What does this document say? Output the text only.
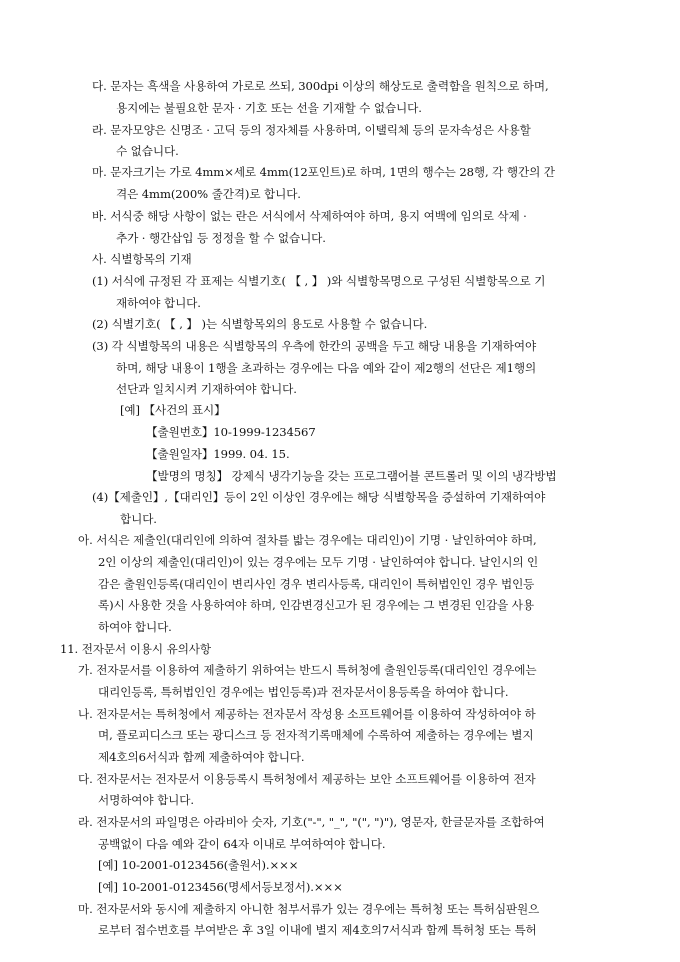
다. 문자는 흑색을 사용하여 가로로 쓰되, 300dpi 이상의 해상도로 출력함을 원칙으로 하며,
용지에는 불필요한 문자 · 기호 또는 선을 기재할 수 없습니다.
라. 문자모양은 신명조 · 고딕 등의 정자체를 사용하며, 이탤릭체 등의 문자속성은 사용할
수 없습니다.
마. 문자크기는 가로 4mm×세로 4mm(12포인트)로 하며, 1면의 행수는 28행, 각 행간의 간
격은 4mm(200% 줄간격)로 합니다.
바. 서식중 해당 사항이 없는 란은 서식에서 삭제하여야 하며, 용지 여백에 임의로 삭제 ·
추가 · 행간삽입 등 정정을 할 수 없습니다.
사. 식별항목의 기재
(1) 서식에 규정된 각 표제는 식별기호( 【 , 】 )와 식별항목명으로 구성된 식별항목으로 기
재하여야 합니다.
(2) 식별기호( 【 , 】 )는 식별항목외의 용도로 사용할 수 없습니다.
(3) 각 식별항목의 내용은 식별항목의 우측에 한칸의 공백을 두고 해당 내용을 기재하여야
하며, 해당 내용이 1행을 초과하는 경우에는 다음 예와 같이 제2행의 선단은 제1행의
선단과 일치시켜 기재하여야 합니다.
[예] 【사건의 표시】
【출원번호】10-1999-1234567
【출원일자】1999. 04. 15.
【발명의 명칭】 강제식 냉각기능을 갖는 프로그램어블 콘트롤러 및 이의 냉각방법
(4)【제출인】,【대리인】등이 2인 이상인 경우에는 해당 식별항목을 증설하여 기재하여야
합니다.
아. 서식은 제출인(대리인에 의하여 절차를 밟는 경우에는 대리인)이 기명 · 날인하여야 하며,
2인 이상의 제출인(대리인)이 있는 경우에는 모두 기명 · 날인하여야 합니다. 날인시의 인
감은 출원인등록(대리인이 변리사인 경우 변리사등록, 대리인이 특허법인인 경우 법인등
록)시 사용한 것을 사용하여야 하며, 인감변경신고가 된 경우에는 그 변경된 인감을 사용
하여야 합니다.
11. 전자문서 이용시 유의사항
가. 전자문서를 이용하여 제출하기 위하여는 반드시 특허청에 출원인등록(대리인인 경우에는
대리인등록, 특허법인인 경우에는 법인등록)과 전자문서이용등록을 하여야 합니다.
나. 전자문서는 특허청에서 제공하는 전자문서 작성용 소프트웨어를 이용하여 작성하여야 하
며, 플로피디스크 또는 광디스크 등 전자적기록매체에 수록하여 제출하는 경우에는 별지
제4호의6서식과 함께 제출하여야 합니다.
다. 전자문서는 전자문서 이용등록시 특허청에서 제공하는 보안 소프트웨어를 이용하여 전자
서명하여야 합니다.
라. 전자문서의 파일명은 아라비아 숫자, 기호("-", "_", "(", ")"), 영문자, 한글문자를 조합하여
공백없이 다음 예와 같이 64자 이내로 부여하여야 합니다.
[예] 10-2001-0123456(출원서).×××
[예] 10-2001-0123456(명세서등보정서).×××
마. 전자문서와 동시에 제출하지 아니한 첨부서류가 있는 경우에는 특허청 또는 특허심판원으
로부터 접수번호를 부여받은 후 3일 이내에 별지 제4호의7서식과 함께 특허청 또는 특허
